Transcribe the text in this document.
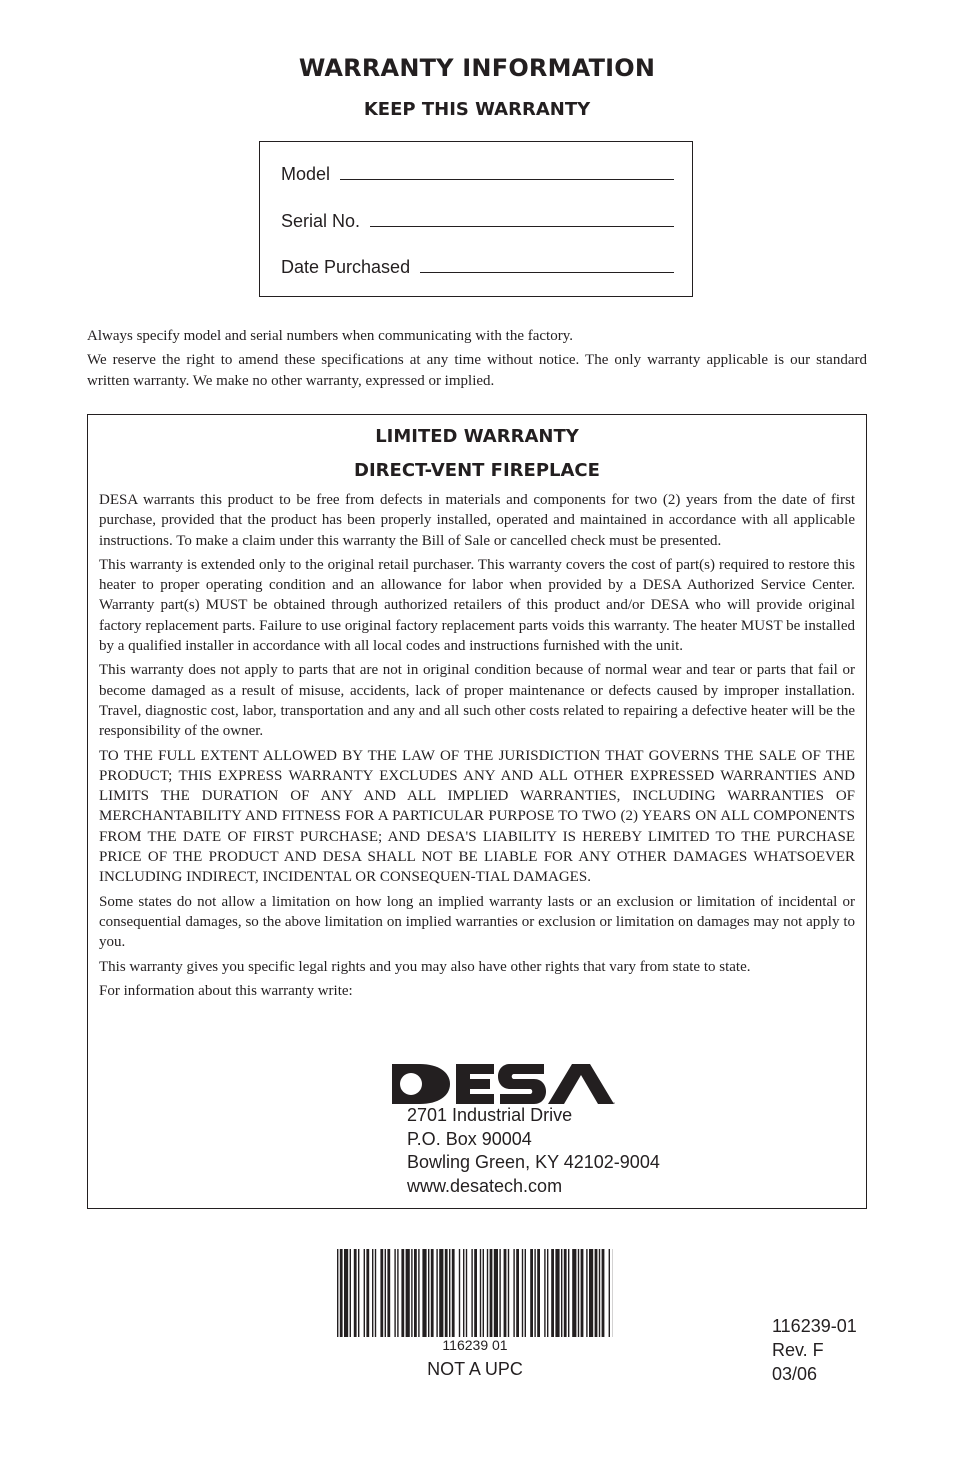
WARRANTY INFORMATION
KEEP THIS WARRANTY
Model
Serial No.
Date Purchased
Always specify model and serial numbers when communicating with the factory.
We reserve the right to amend these specifications at any time without notice. The only warranty applicable is our standard written warranty. We make no other warranty, expressed or implied.
LIMITED WARRANTY
DIRECT-VENT FIREPLACE

DESA warrants this product to be free from defects in materials and components for two (2) years from the date of first purchase, provided that the product has been properly installed, operated and maintained in accordance with all applicable instructions. To make a claim under this warranty the Bill of Sale or cancelled check must be presented.

This warranty is extended only to the original retail purchaser. This warranty covers the cost of part(s) required to restore this heater to proper operating condition and an allowance for labor when provided by a DESA Authorized Service Center. Warranty part(s) MUST be obtained through authorized retailers of this product and/or DESA who will provide original factory replacement parts. Failure to use original factory replacement parts voids this warranty. The heater MUST be installed by a qualified installer in accordance with all local codes and instructions furnished with the unit.

This warranty does not apply to parts that are not in original condition because of normal wear and tear or parts that fail or become damaged as a result of misuse, accidents, lack of proper maintenance or defects caused by improper installation. Travel, diagnostic cost, labor, transportation and any and all such other costs related to repairing a defective heater will be the responsibility of the owner.

TO THE FULL EXTENT ALLOWED BY THE LAW OF THE JURISDICTION THAT GOVERNS THE SALE OF THE PRODUCT; THIS EXPRESS WARRANTY EXCLUDES ANY AND ALL OTHER EXPRESSED WARRANTIES AND LIMITS THE DURATION OF ANY AND ALL IMPLIED WARRANTIES, INCLUDING WARRANTIES OF MERCHANTABILITY AND FITNESS FOR A PARTICULAR PURPOSE TO TWO (2) YEARS ON ALL COMPONENTS FROM THE DATE OF FIRST PURCHASE; AND DESA'S LIABILITY IS HEREBY LIMITED TO THE PURCHASE PRICE OF THE PRODUCT AND DESA SHALL NOT BE LIABLE FOR ANY OTHER DAMAGES WHATSOEVER INCLUDING INDIRECT, INCIDENTAL OR CONSEQUEN-TIAL DAMAGES.

Some states do not allow a limitation on how long an implied warranty lasts or an exclusion or limitation of incidental or consequential damages, so the above limitation on implied warranties or exclusion or limitation on damages may not apply to you.

This warranty gives you specific legal rights and you may also have other rights that vary from state to state.

For information about this warranty write:

™
2701 Industrial Drive
P.O. Box 90004
Bowling Green, KY 42102-9004
www.desatech.com
116239 01
NOT A UPC
116239-01
Rev. F
03/06
